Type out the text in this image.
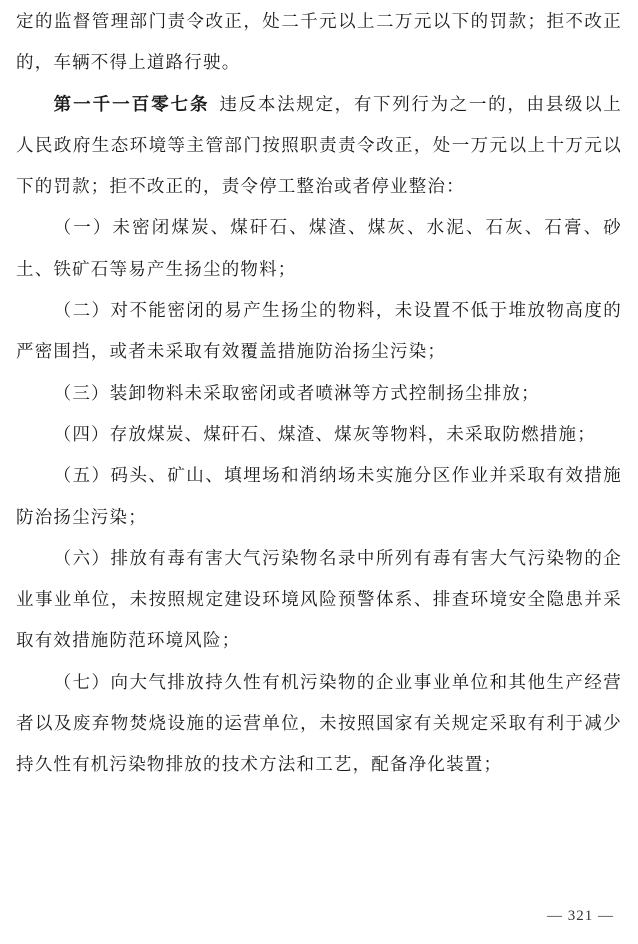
定的监督管理部门责令改正，处二千元以上二万元以下的罚款；拒不改正的，车辆不得上道路行驶。

第一千一百零七条 违反本法规定，有下列行为之一的，由县级以上人民政府生态环境等主管部门按照职责责令改正，处一万元以上十万元以下的罚款；拒不改正的，责令停工整治或者停业整治：

（一）未密闭煤炭、煤矸石、煤渣、煤灰、水泥、石灰、石膏、砂土、铁矿石等易产生扬尘的物料；

（二）对不能密闭的易产生扬尘的物料，未设置不低于堆放物高度的严密围挡，或者未采取有效覆盖措施防治扬尘污染；

（三）装卸物料未采取密闭或者喷淋等方式控制扬尘排放；

（四）存放煤炭、煤矸石、煤渣、煤灰等物料，未采取防燃措施；

（五）码头、矿山、填埋场和消纳场未实施分区作业并采取有效措施防治扬尘污染；

（六）排放有毒有害大气污染物名录中所列有毒有害大气污染物的企业事业单位，未按照规定建设环境风险预警体系、排查环境安全隐患并采取有效措施防范环境风险；

（七）向大气排放持久性有机污染物的企业事业单位和其他生产经营者以及废弃物焚烧设施的运营单位，未按照国家有关规定采取有利于减少持久性有机污染物排放的技术方法和工艺，配备净化装置；

— 321 —
